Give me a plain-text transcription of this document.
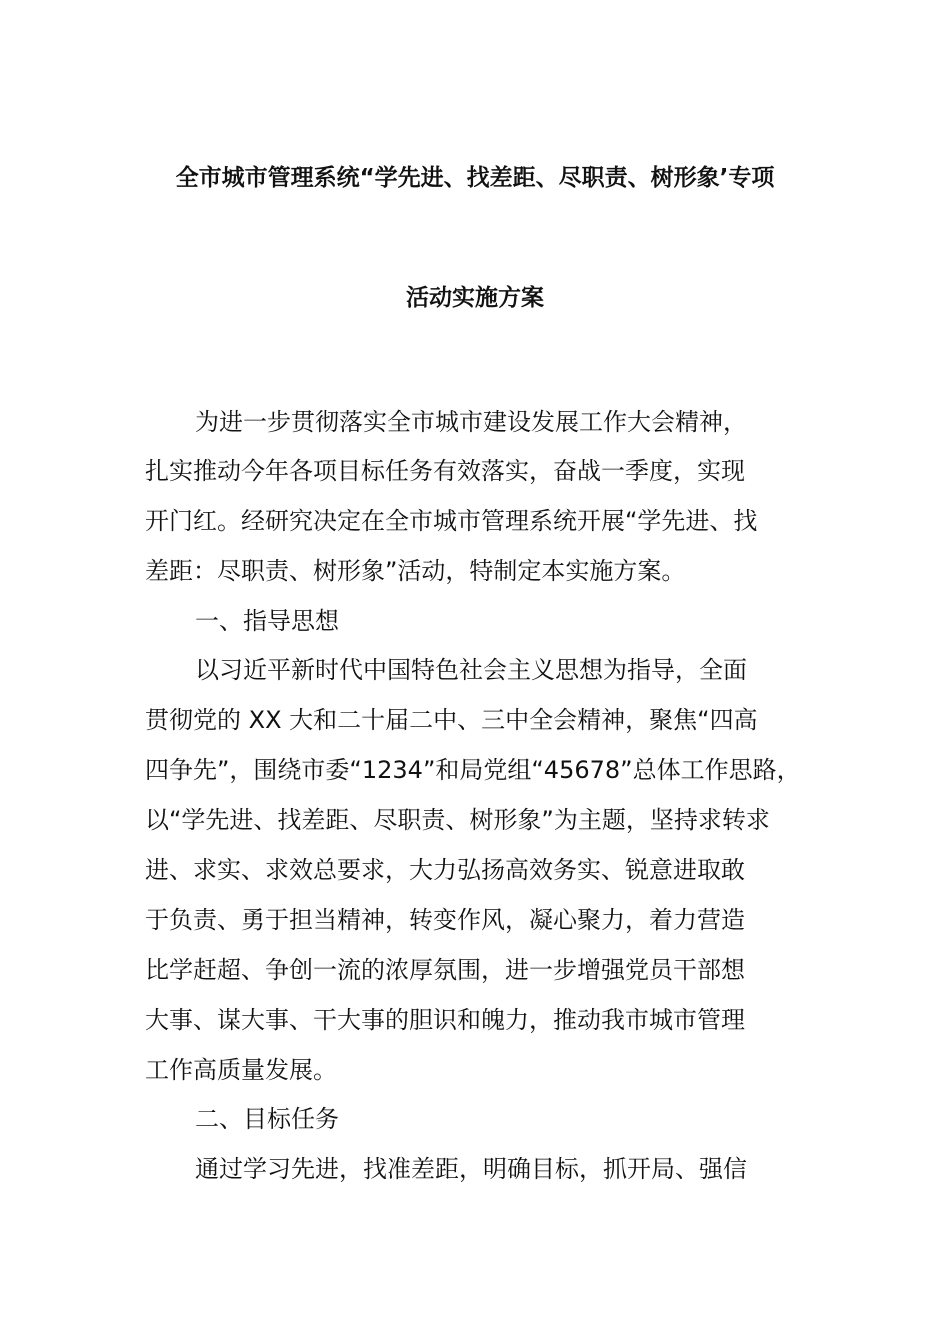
全市城市管理系统“学先进、找差距、尽职责、树形象’专项
活动实施方案
为进一步贯彻落实全市城市建设发展工作大会精神，
扎实推动今年各项目标任务有效落实，奋战一季度，实现
开门红。经研究决定在全市城市管理系统开展“学先进、找
差距：尽职责、树形象”活动，特制定本实施方案。
一、指导思想
以习近平新时代中国特色社会主义思想为指导，全面
贯彻党的 XX 大和二十届二中、三中全会精神，聚焦“四高
四争先”，围绕市委“1234”和局党组“45678”总体工作思路，
以“学先进、找差距、尽职责、树形象”为主题，坚持求转求
进、求实、求效总要求，大力弘扬高效务实、锐意进取敢
于负责、勇于担当精神，转变作风，凝心聚力，着力营造
比学赶超、争创一流的浓厚氛围，进一步增强党员干部想
大事、谋大事、干大事的胆识和魄力，推动我市城市管理
工作高质量发展。
二、目标任务
通过学习先进，找准差距，明确目标，抓开局、强信
